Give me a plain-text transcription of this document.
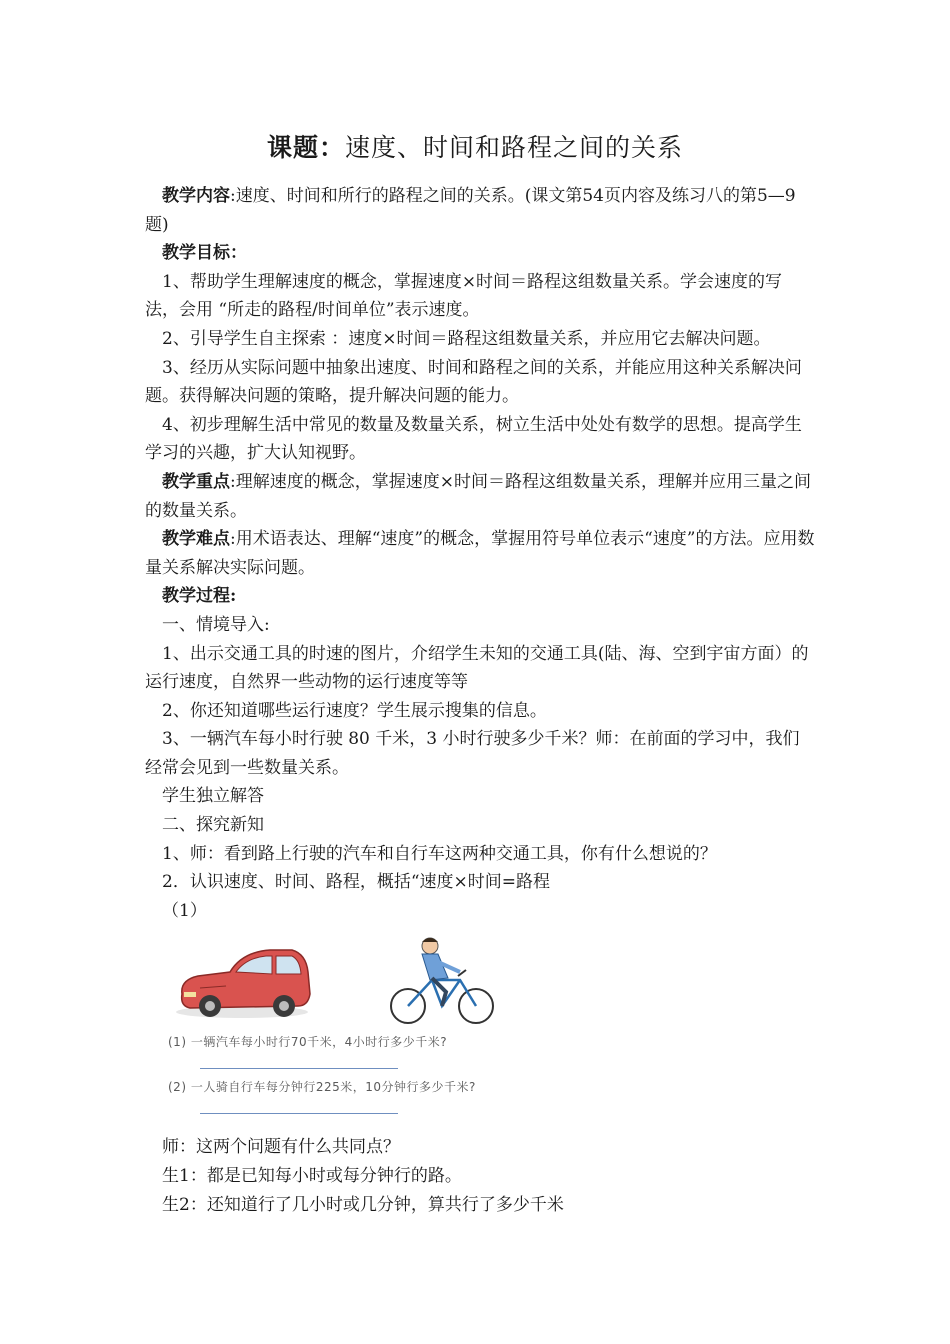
课题：速度、时间和路程之间的关系

教学内容:速度、时间和所行的路程之间的关系。(课文第54页内容及练习八的第5—9题)

教学目标：

1、帮助学生理解速度的概念，掌握速度×时间＝路程这组数量关系。学会速度的写法，会用 “所走的路程/时间单位”表示速度。

2、引导学生自主探索 ：速度×时间＝路程这组数量关系，并应用它去解决问题。

3、经历从实际问题中抽象出速度、时间和路程之间的关系，并能应用这种关系解决问题。获得解决问题的策略，提升解决问题的能力。

4、初步理解生活中常见的数量及数量关系，树立生活中处处有数学的思想。提高学生学习的兴趣，扩大认知视野。

教学重点:理解速度的概念，掌握速度×时间＝路程这组数量关系，理解并应用三量之间的数量关系。

教学难点:用术语表达、理解“速度”的概念，掌握用符号单位表示“速度”的方法。应用数量关系解决实际问题。

教学过程:

一、情境导入:

1、出示交通工具的时速的图片，介绍学生未知的交通工具(陆、海、空到宇宙方面）的运行速度，自然界一些动物的运行速度等等

2、你还知道哪些运行速度？学生展示搜集的信息。

3、一辆汽车每小时行驶 80 千米，3 小时行驶多少千米？师：在前面的学习中，我们经常会见到一些数量关系。

学生独立解答

二、探究新知

1、师：看到路上行驶的汽车和自行车这两种交通工具，你有什么想说的？

2．认识速度、时间、路程，概括“速度×时间=路程

（1）

(1) 一辆汽车每小时行70千米，4小时行多少千米?
(2) 一人骑自行车每分钟行225米，10分钟行多少千米?

师：这两个问题有什么共同点？

生1：都是已知每小时或每分钟行的路。

生2：还知道行了几小时或几分钟，算共行了多少千米
